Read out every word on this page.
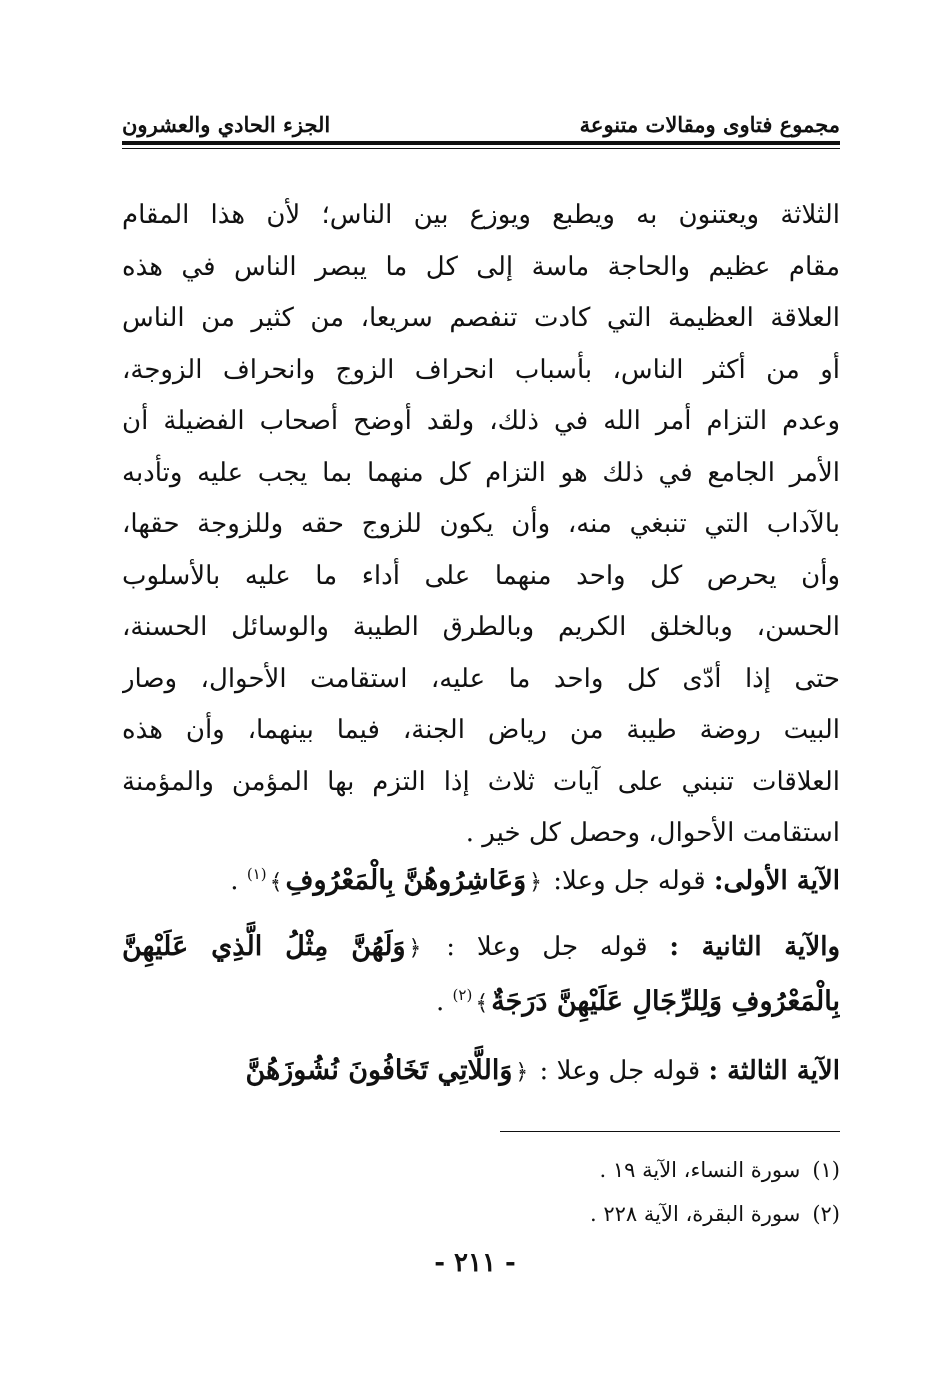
مجموع فتاوى ومقالات متنوعة
الجزء الحادي والعشرون
الثلاثة ويعتنون به ويطبع ويوزع بين الناس؛ لأن هذا المقام
مقام عظيم والحاجة ماسة إلى كل ما يبصر الناس في هذه
العلاقة العظيمة التي كادت تنفصم سريعا، من كثير من الناس
أو من أكثر الناس، بأسباب انحراف الزوج وانحراف الزوجة،
وعدم التزام أمر الله في ذلك، ولقد أوضح أصحاب الفضيلة أن
الأمر الجامع في ذلك هو التزام كل منهما بما يجب عليه وتأدبه
بالآداب التي تنبغي منه، وأن يكون للزوج حقه وللزوجة حقها،
وأن يحرص كل واحد منهما على أداء ما عليه بالأسلوب
الحسن، وبالخلق الكريم وبالطرق الطيبة والوسائل الحسنة،
حتى إذا أدّى كل واحد ما عليه، استقامت الأحوال، وصار
البيت روضة طيبة من رياض الجنة، فيما بينهما، وأن هذه
العلاقات تنبني على آيات ثلاث إذا التزم بها المؤمن والمؤمنة
استقامت الأحوال، وحصل كل خير .
الآية الأولى: قوله جل وعلا: ﴿وَعَاشِرُوهُنَّ بِالْمَعْرُوفِ﴾$^{(١)}$ .
والآية الثانية : قوله جل وعلا : ﴿وَلَهُنَّ مِثْلُ الَّذِي عَلَيْهِنَّ
بِالْمَعْرُوفِ وَلِلرِّجَالِ عَلَيْهِنَّ دَرَجَةٌ﴾$^{(٢)}$ .
الآية الثالثة : قوله جل وعلا : ﴿وَاللَّاتِي تَخَافُونَ نُشُوزَهُنَّ
(١)سورة النساء، الآية ١٩ .
(٢)سورة البقرة، الآية ٢٢٨ .
- ٢١١ -
